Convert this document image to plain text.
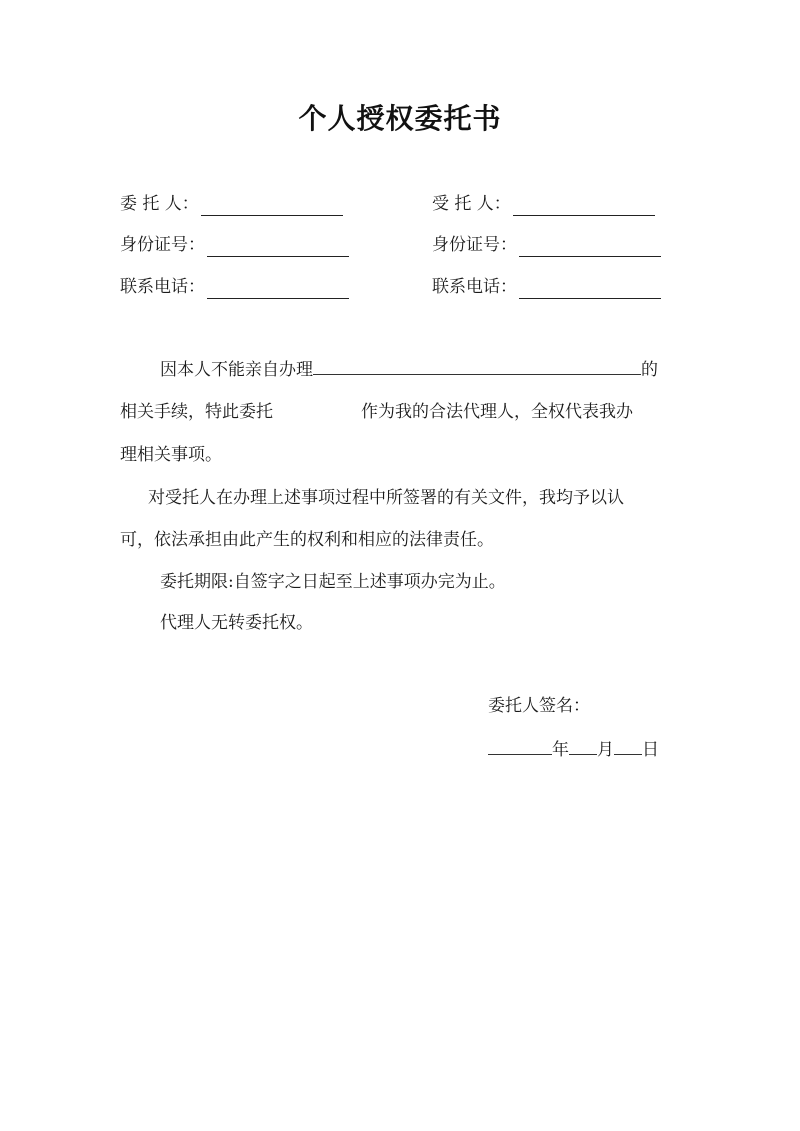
个人授权委托书
委 托 人：
身份证号：
联系电话：
受 托 人：
身份证号：
联系电话：
因本人不能亲自办理	的
相关手续，特此委托	作为我的合法代理人，全权代表我办
理相关事项。
对受托人在办理上述事项过程中所签署的有关文件，我均予以认
可，依法承担由此产生的权利和相应的法律责任。
委托期限:自签字之日起至上述事项办完为止。
代理人无转委托权。
委托人签名：
年 月 日
